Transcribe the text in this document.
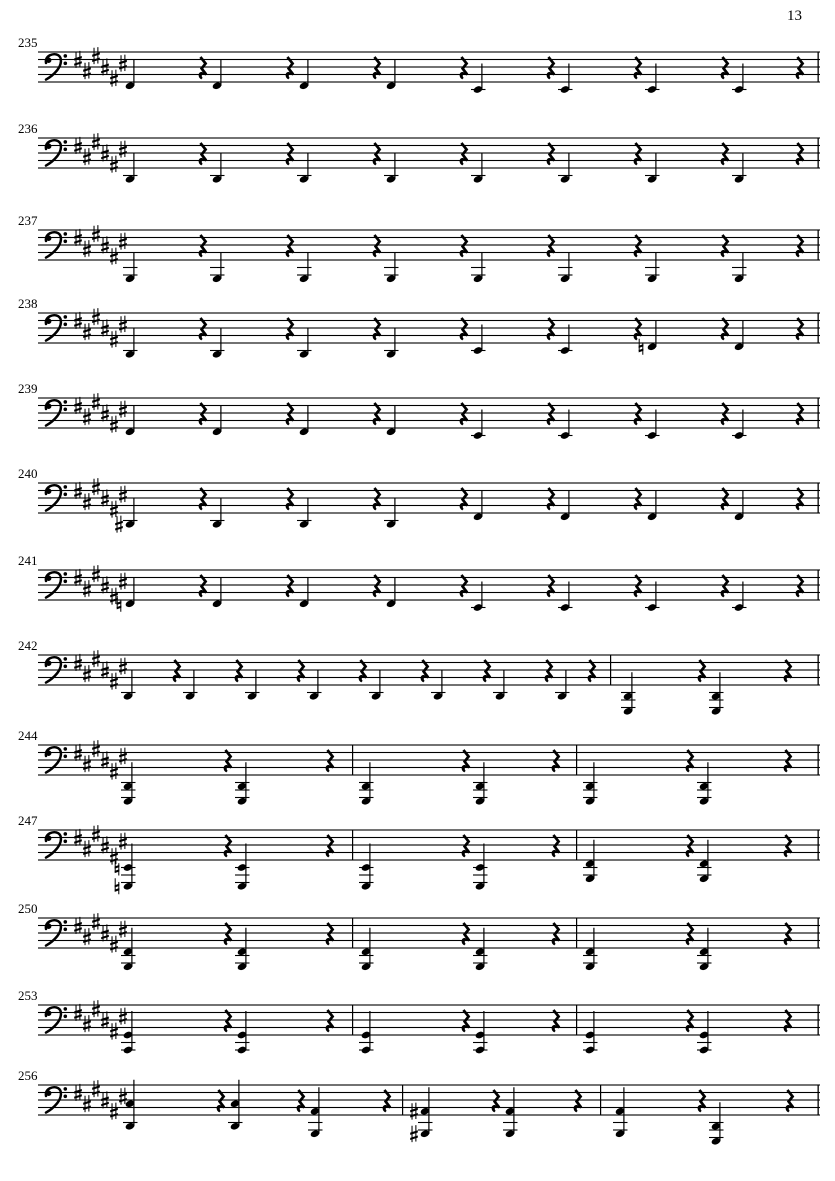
13
235
236
237
238
239
240
241
242
244
247
250
253
256
